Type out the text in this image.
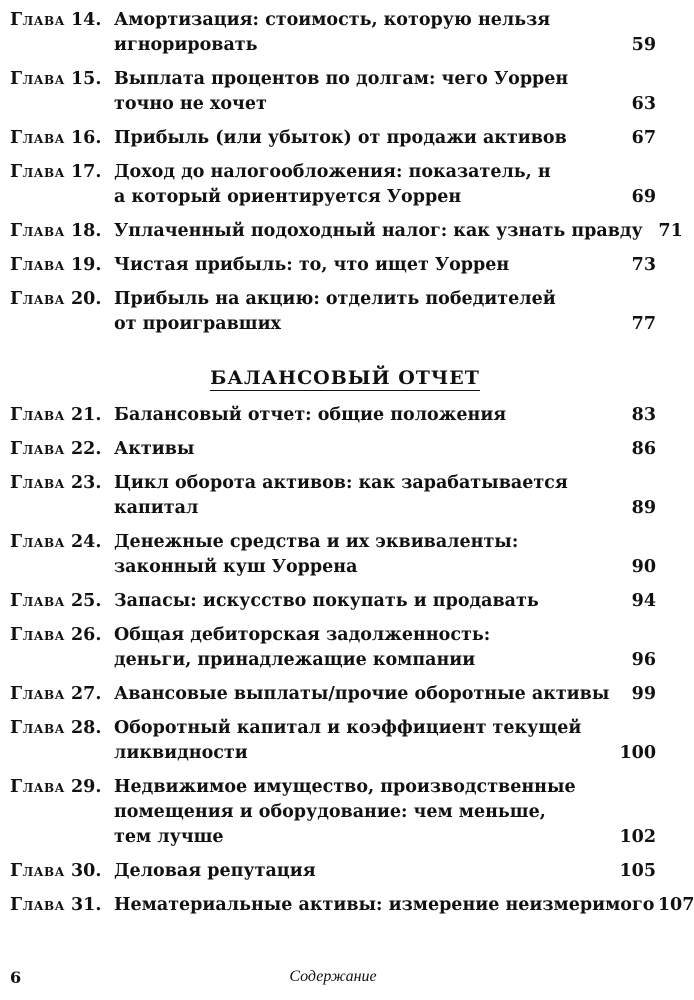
Глава 14. Амортизация: стоимость, которую нельзя
игнорировать	59
Глава 15. Выплата процентов по долгам: чего Уоррен
точно не хочет	63
Глава 16. Прибыль (или убыток) от продажи активов	67
Глава 17. Доход до налогообложения: показатель, н
а который ориентируется Уоррен	69
Глава 18. Уплаченный подоходный налог: как узнать правду 71
Глава 19. Чистая прибыль: то, что ищет Уоррен	73
Глава 20. Прибыль на акцию: отделить победителей
от проигравших	77
БАЛАНСОВЫЙ ОТЧЕТ
Глава 21. Балансовый отчет: общие положения	83
Глава 22. Активы	86
Глава 23. Цикл оборота активов: как зарабатывается
капитал	89
Глава 24. Денежные средства и их эквиваленты:
законный куш Уоррена	90
Глава 25. Запасы: искусство покупать и продавать	94
Глава 26. Общая дебиторская задолженность:
деньги, принадлежащие компании	96
Глава 27. Авансовые выплаты/прочие оборотные активы	99
Глава 28. Оборотный капитал и коэффициент текущей
ликвидности	100
Глава 29. Недвижимое имущество, производственные
помещения и оборудование: чем меньше,
тем лучше	102
Глава 30. Деловая репутация	105
Глава 31. Нематериальные активы: измерение неизмеримого 107
6	Содержание
